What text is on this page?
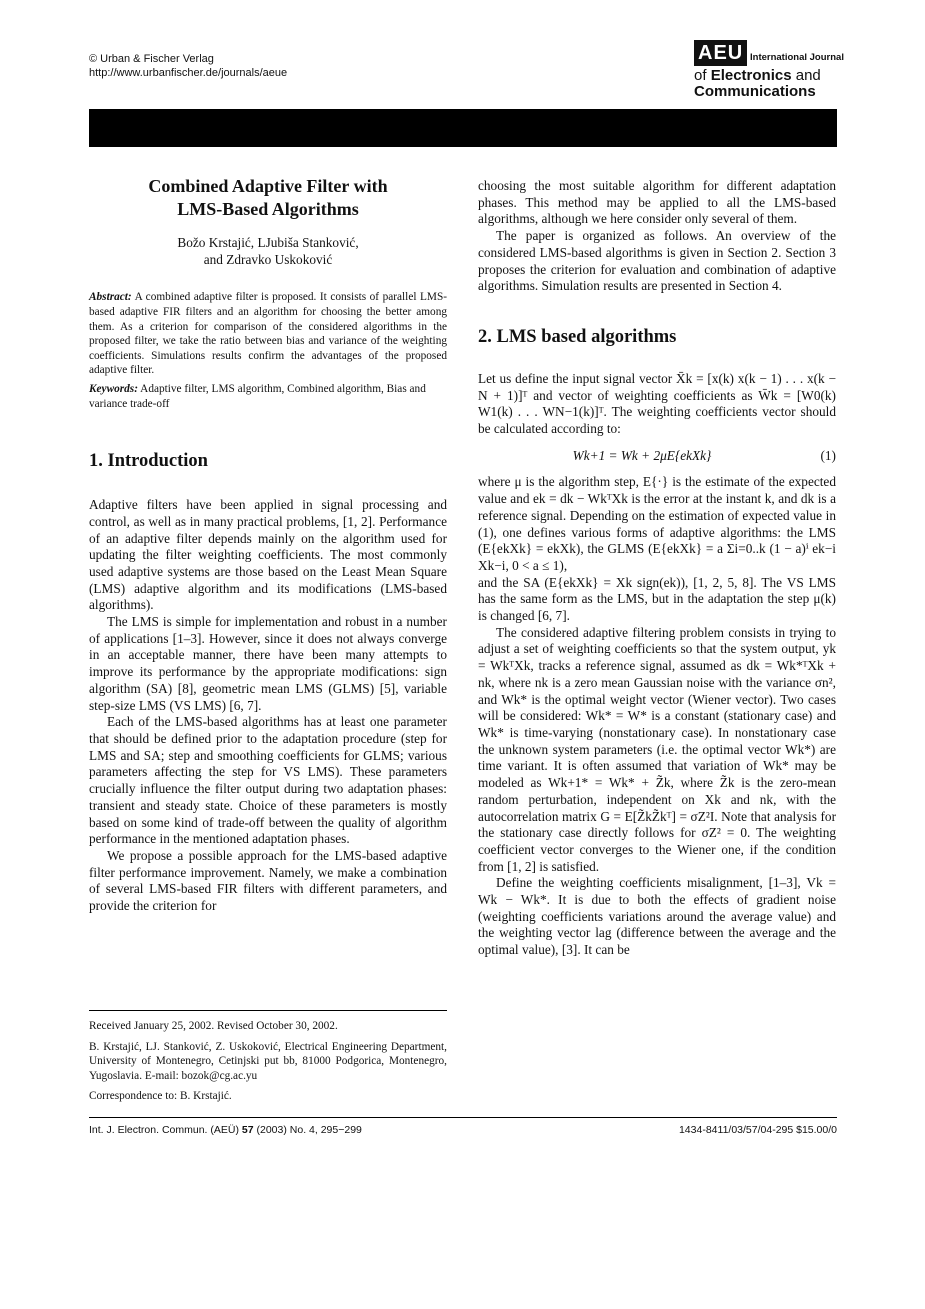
© Urban & Fischer Verlag
http://www.urbanfischer.de/journals/aeue
AEU International Journal
of Electronics and
Communications
Combined Adaptive Filter with
LMS-Based Algorithms
Božo Krstajić, LJubiša Stanković,
and Zdravko Uskoković
Abstract: A combined adaptive filter is proposed. It consists of parallel LMS-based adaptive FIR filters and an algorithm for choosing the better among them. As a criterion for comparison of the considered algorithms in the proposed filter, we take the ratio between bias and variance of the weighting coefficients. Simulations results confirm the advantages of the proposed adaptive filter.
Keywords: Adaptive filter, LMS algorithm, Combined algorithm, Bias and variance trade-off
1. Introduction

Adaptive filters have been applied in signal processing and control, as well as in many practical problems, [1, 2]. Performance of an adaptive filter depends mainly on the algorithm used for updating the filter weighting coefficients. The most commonly used adaptive systems are those based on the Least Mean Square (LMS) adaptive algorithm and its modifications (LMS-based algorithms).

The LMS is simple for implementation and robust in a number of applications [1–3]. However, since it does not always converge in an acceptable manner, there have been many attempts to improve its performance by the appropriate modifications: sign algorithm (SA) [8], geometric mean LMS (GLMS) [5], variable step-size LMS (VS LMS) [6, 7].

Each of the LMS-based algorithms has at least one parameter that should be defined prior to the adaptation procedure (step for LMS and SA; step and smoothing coefficients for GLMS; various parameters affecting the step for VS LMS). These parameters crucially influence the filter output during two adaptation phases: transient and steady state. Choice of these parameters is mostly based on some kind of trade-off between the quality of algorithm performance in the mentioned adaptation phases.

We propose a possible approach for the LMS-based adaptive filter performance improvement. Namely, we make a combination of several LMS-based FIR filters with different parameters, and provide the criterion for

Received January 25, 2002. Revised October 30, 2002.
B. Krstajić, LJ. Stanković, Z. Uskoković, Electrical Engineering Department, University of Montenegro, Cetinjski put bb, 81000 Podgorica, Montenegro, Yugoslavia. E-mail: bozok@cg.ac.yu
Correspondence to: B. Krstajić.

choosing the most suitable algorithm for different adaptation phases. This method may be applied to all the LMS-based algorithms, although we here consider only several of them.

The paper is organized as follows. An overview of the considered LMS-based algorithms is given in Section 2. Section 3 proposes the criterion for evaluation and combination of adaptive algorithms. Simulation results are presented in Section 4.

2. LMS based algorithms

Let us define the input signal vector X̄k = [x(k) x(k − 1) . . . x(k − N + 1)]ᵀ and vector of weighting coefficients as W̄k = [W0(k) W1(k) . . . WN−1(k)]ᵀ. The weighting coefficients vector should be calculated according to:

Wk+1 = Wk + 2μE{ekXk}	(1)

where μ is the algorithm step, E{·} is the estimate of the expected value and ek = dk − WkᵀXk is the error at the instant k, and dk is a reference signal. Depending on the estimation of expected value in (1), one defines various forms of adaptive algorithms: the LMS (E{ekXk} = ekXk), the GLMS (E{ekXk} = a Σi=0..k (1 − a)ⁱ ek−i Xk−i, 0 < a ≤ 1),

and the SA (E{ekXk} = Xk sign(ek)), [1, 2, 5, 8]. The VS LMS has the same form as the LMS, but in the adaptation the step μ(k) is changed [6, 7].

The considered adaptive filtering problem consists in trying to adjust a set of weighting coefficients so that the system output, yk = WkᵀXk, tracks a reference signal, assumed as dk = Wk*ᵀXk + nk, where nk is a zero mean Gaussian noise with the variance σn², and Wk* is the optimal weight vector (Wiener vector). Two cases will be considered: Wk* = W* is a constant (stationary case) and Wk* is time-varying (nonstationary case). In nonstationary case the unknown system parameters (i.e. the optimal vector Wk*) are time variant. It is often assumed that variation of Wk* may be modeled as Wk+1* = Wk* + Z̃k, where Z̃k is the zero-mean random perturbation, independent on Xk and nk, with the autocorrelation matrix G = E[Z̃kZ̃kᵀ] = σZ²I. Note that analysis for the stationary case directly follows for σZ² = 0. The weighting coefficient vector converges to the Wiener one, if the condition from [1, 2] is satisfied.

Define the weighting coefficients misalignment, [1–3], Vk = Wk − Wk*. It is due to both the effects of gradient noise (weighting coefficients variations around the average value) and the weighting vector lag (difference between the average and the optimal value), [3]. It can be

Int. J. Electron. Commun. (AEÜ) 57 (2003) No. 4, 295−299	1434-8411/03/57/04-295 $15.00/0
